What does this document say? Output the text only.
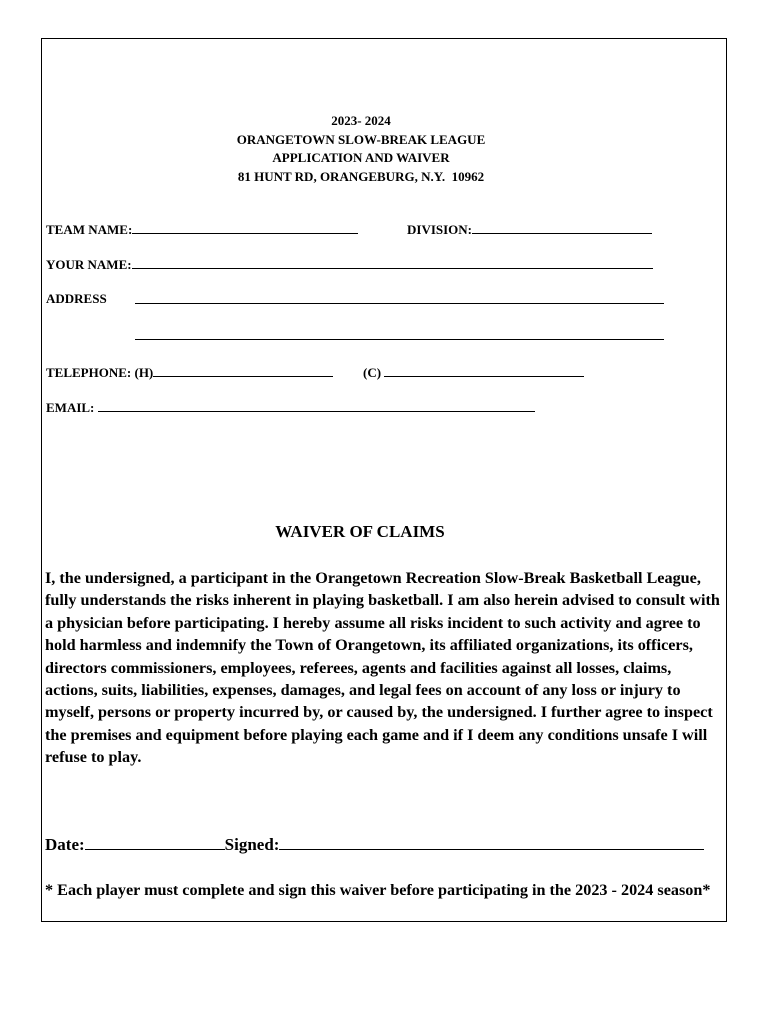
2023- 2024
ORANGETOWN SLOW-BREAK LEAGUE
APPLICATION AND WAIVER
81 HUNT RD, ORANGEBURG, N.Y.  10962
TEAM NAME:	DIVISION:
YOUR NAME:
ADDRESS
TELEPHONE: (H)	(C)
EMAIL:
WAIVER OF CLAIMS

I, the undersigned, a participant in the Orangetown Recreation Slow-Break Basketball League, fully understands the risks inherent in playing basketball. I am also herein advised to consult with a physician before participating. I hereby assume all risks incident to such activity and agree to hold harmless and indemnify the Town of Orangetown, its affiliated organizations, its officers, directors commissioners, employees, referees, agents and facilities against all losses, claims, actions, suits, liabilities, expenses, damages, and legal fees on account of any loss or injury to myself, persons or property incurred by, or caused by, the undersigned. I further agree to inspect the premises and equipment before playing each game and if I deem any conditions unsafe I will refuse to play.

Date:	Signed:

* Each player must complete and sign this waiver before participating in the 2023 - 2024 season*
